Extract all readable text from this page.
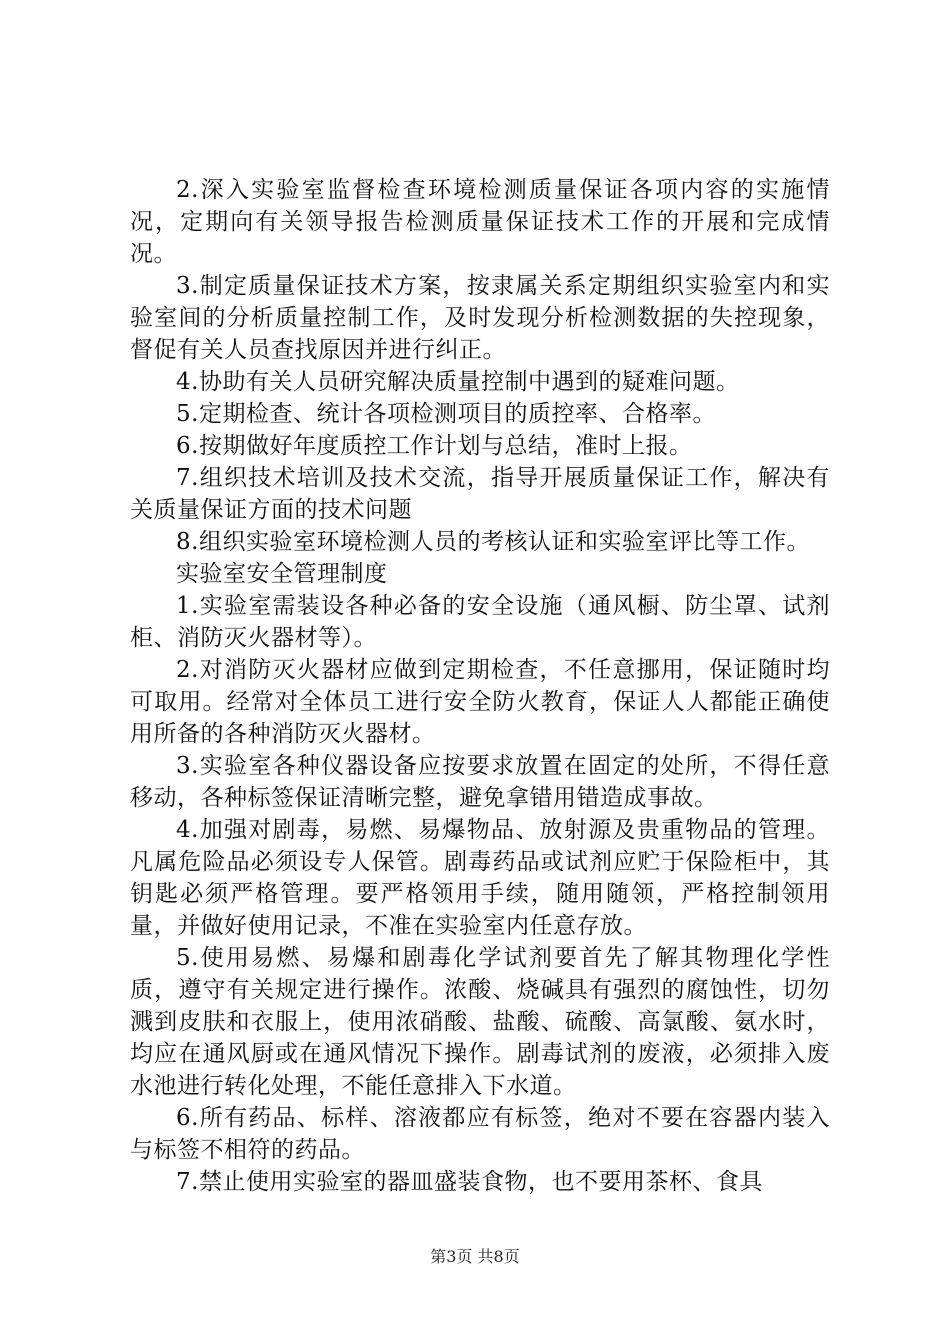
2.深入实验室监督检查环境检测质量保证各项内容的实施情况，定期向有关领导报告检测质量保证技术工作的开展和完成情况。

3.制定质量保证技术方案，按隶属关系定期组织实验室内和实验室间的分析质量控制工作，及时发现分析检测数据的失控现象，督促有关人员查找原因并进行纠正。

4.协助有关人员研究解决质量控制中遇到的疑难问题。

5.定期检查、统计各项检测项目的质控率、合格率。

6.按期做好年度质控工作计划与总结，准时上报。

7.组织技术培训及技术交流，指导开展质量保证工作，解决有关质量保证方面的技术问题

8.组织实验室环境检测人员的考核认证和实验室评比等工作。

实验室安全管理制度

1.实验室需装设各种必备的安全设施（通风橱、防尘罩、试剂柜、消防灭火器材等）。

2.对消防灭火器材应做到定期检查，不任意挪用，保证随时均可取用。经常对全体员工进行安全防火教育，保证人人都能正确使用所备的各种消防灭火器材。

3.实验室各种仪器设备应按要求放置在固定的处所，不得任意移动，各种标签保证清晰完整，避免拿错用错造成事故。

4.加强对剧毒，易燃、易爆物品、放射源及贵重物品的管理。凡属危险品必须设专人保管。剧毒药品或试剂应贮于保险柜中，其钥匙必须严格管理。要严格领用手续，随用随领，严格控制领用量，并做好使用记录，不准在实验室内任意存放。

5.使用易燃、易爆和剧毒化学试剂要首先了解其物理化学性质，遵守有关规定进行操作。浓酸、烧碱具有强烈的腐蚀性，切勿溅到皮肤和衣服上，使用浓硝酸、盐酸、硫酸、高氯酸、氨水时，均应在通风厨或在通风情况下操作。剧毒试剂的废液，必须排入废水池进行转化处理，不能任意排入下水道。

6.所有药品、标样、溶液都应有标签，绝对不要在容器内装入与标签不相符的药品。

7.禁止使用实验室的器皿盛装食物，也不要用茶杯、食具

第3页 共8页
